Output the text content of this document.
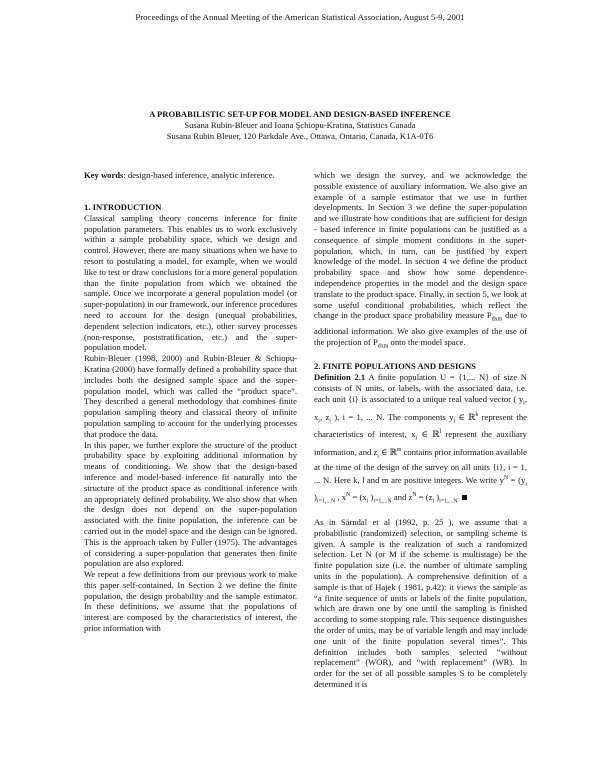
Proceedings of the Annual Meeting of the American Statistical Association, August 5-9, 2001
A PROBABILISTIC SET-UP FOR MODEL AND DESIGN-BASED INFERENCE
Susana Rubin-Bleuer and Ioana Şchiopu-Kratina, Statistics Canada
Susana Rubin Bleuer, 120 Parkdale Ave., Ottawa, Ontario, Canada, K1A-0T6

Key words: design-based inference, analytic inference.

1. INTRODUCTION

Classical sampling theory concerns inference for finite population parameters. This enables us to work exclusively within a sample probability space, which we design and control. However, there are many situations when we have to resort to postulating a model, for example, when we would like to test or draw conclusions for a more general population than the finite population from which we obtained the sample. Once we incorporate a general population model (or super-population) in our framework, our inference procedures need to account for the design (unequal probabilities, dependent selection indicators, etc.), other survey processes (non-response, poststratification, etc.) and the super-population model.

Rubin-Bleuer (1998, 2000) and Rubin-Bleuer & Schiopu-Kratina (2000) have formally defined a probability space that includes both the designed sample space and the super-population model, which was called the “product space”. They described a general methodology that combines finite population sampling theory and classical theory of infinite population sampling to account for the underlying processes that produce the data.

In this paper, we further explore the structure of the product probability space by exploiting additional information by means of conditioning. We show that the design-based inference and model-based inference fit naturally into the structure of the product space as conditional inference with an appropriately defined probability. We also show that when the design does not depend on the super-population associated with the finite population, the inference can be carried out in the model space and the design can be ignored. This is the approach taken by Fuller (1975). The advantages of considering a super-population that generates then finite population are also explored.

We repeat a few definitions from our previous work to make this paper self-contained. In Section 2 we define the finite population, the design probability and the sample estimator. In these definitions, we assume that the populations of interest are composed by the characteristics of interest, the prior information with

which we design the survey, and we acknowledge the possible existence of auxiliary information. We also give an example of a sample estimator that we use in further developments. In Section 3 we define the super-population and we illustrate how conditions that are sufficient for design - based inference in finite populations can be justified as a consequence of simple moment conditions in the super-population, which, in turn, can be justified by expert knowledge of the model. In section 4 we define the product probability space and show how some dependence-independence properties in the model and the design space translate to the product space. Finally, in section 5, we look at some useful conditional probabilities, which reflect the change in the product space probability measure $P_{dxm}$ due to additional information. We also give examples of the use of the projection of $P_{dxm}$ onto the model space.

2. FINITE POPULATIONS AND DESIGNS

Definition 2.1 A finite population U = {1,... N} of size N consists of N units, or labels, with the associated data, i.e. each unit {i} is associated to a unique real valued vector ( $y_i$, $x_i$, $z_i$ ), i = 1, ... N. The components $y_i$ ∈ ℝ$^k$ represent the characteristics of interest, $x_i$ ∈ ℝ$^l$ represent the auxiliary information, and $z_i$ ∈ ℝ$^m$ contains prior information available at the time of the design of the survey on all units {i}, i = 1, ... N. Here k, l and m are positive integers. We write $y^N = (y_i$ )$_{i=1,...N}$ , $x^N = (x_i$ )$_{i=1,...N}$ and $z^N = (z_i$ )$_{i=1,...N}$

As in Särndal et al (1992, p. 25 ), we assume that a probabilistic (randomized) selection, or sampling scheme is given. A sample is the realization of such a randomized selection. Let N (or M if the scheme is multistage) be the finite population size (i.e. the number of ultimate sampling units in the population). A comprehensive definition of a sample is that of Hajek ( 1981, p.42): it views the sample as “a finite sequence of units or labels of the finite population, which are drawn one by one until the sampling is finished according to some stopping rule. This sequence distinguishes the order of units, may be of variable length and may include one unit of the finite population several times”. This definition includes both samples selected “without replacement” (WOR), and “with replacement” (WR). In order for the set of all possible samples S to be completely determined it is
